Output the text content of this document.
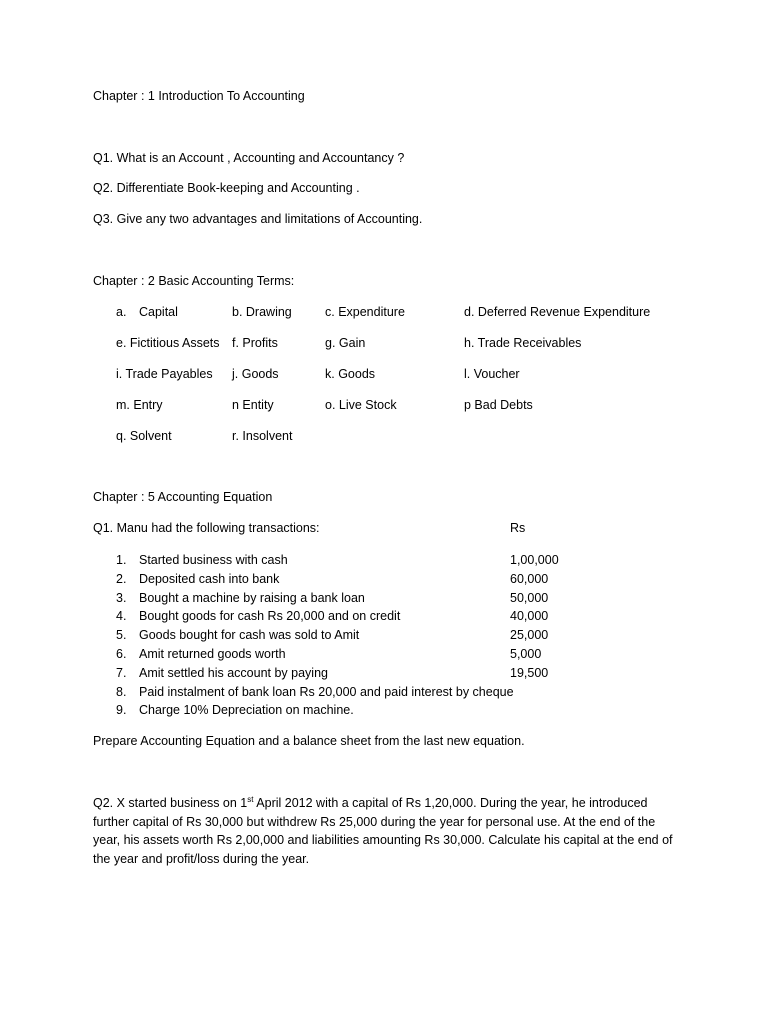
Chapter : 1 Introduction To Accounting
Q1. What is an Account , Accounting and Accountancy ?
Q2. Differentiate Book-keeping and Accounting .
Q3. Give any two advantages and limitations of Accounting.
Chapter : 2 Basic Accounting Terms:
a. Capital	b. Drawing	c. Expenditure	d. Deferred Revenue Expenditure
e. Fictitious Assets f. Profits	g. Gain	h. Trade Receivables
i. Trade Payables j. Goods	k. Goods	l. Voucher
m. Entry	n Entity	o. Live Stock	p Bad Debts
q. Solvent	r. Insolvent
Chapter : 5 Accounting Equation
Q1. Manu had the following transactions:	Rs
1.	Started business with cash	1,00,000
2.	Deposited cash into bank	60,000
3.	Bought a machine by raising a bank loan	50,000
4.	Bought goods for cash Rs 20,000 and on credit	40,000
5.	Goods bought for cash was sold to Amit	25,000
6.	Amit returned goods worth	5,000
7.	Amit settled his account by paying	19,500
8.	Paid instalment of bank loan Rs 20,000 and paid interest by cheque
9.	Charge 10% Depreciation on machine.
Prepare Accounting Equation and a balance sheet from the last new equation.
Q2. X started business on 1st April 2012 with a capital of Rs 1,20,000. During the year, he introduced further capital of Rs 30,000 but withdrew Rs 25,000 during the year for personal use. At the end of the year, his assets worth Rs 2,00,000 and liabilities amounting Rs 30,000. Calculate his capital at the end of the year and profit/loss during the year.
